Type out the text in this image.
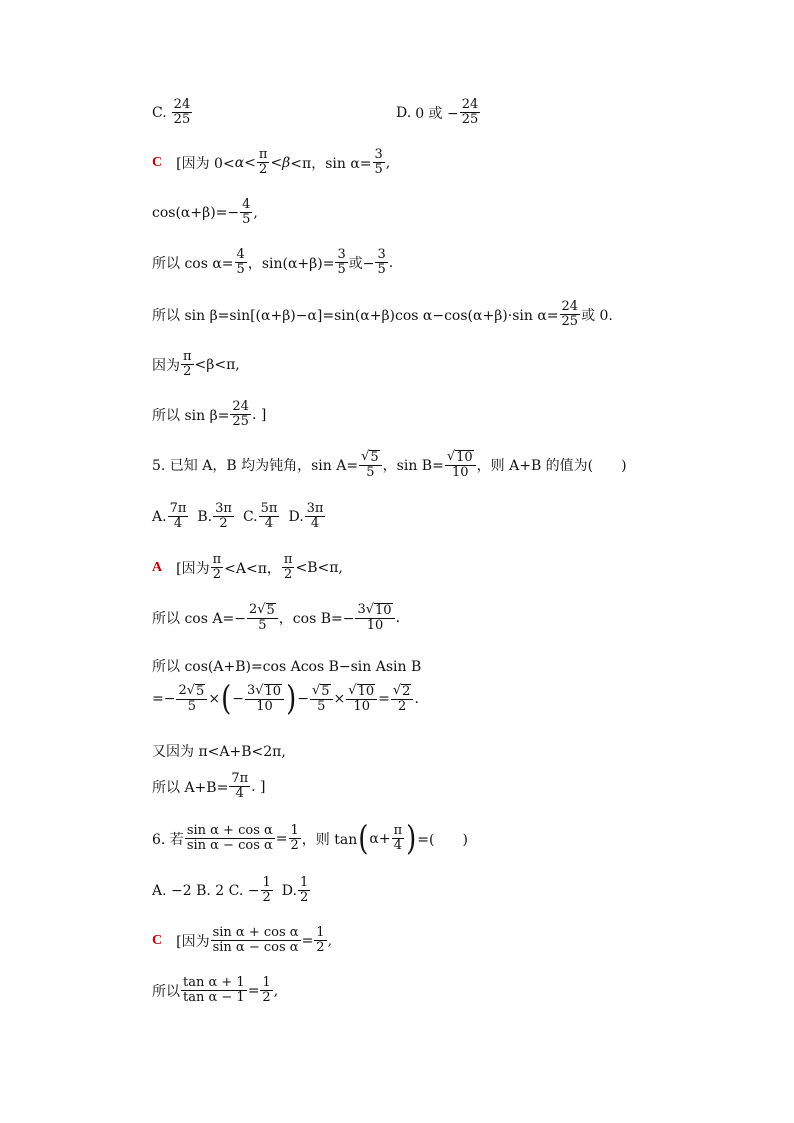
C. $\frac{24}{25}$	D. 0 或 − $\frac{24}{25}$
C [因为 $0< \alpha < \frac{\pi}{2} < \beta <\pi$，$\sin \alpha= \frac{3}{5}$ ,
$\cos(\alpha+\beta)=- \frac{4}{5}$ ,
所以 $\cos \alpha= \frac{4}{5}$ ，$\sin(\alpha+\beta)= \frac{3}{5}$ 或− $\frac{3}{5}$ .
所以 sin β=sin[(α+β)−α]=sin(α+β)cos α−cos(α+β)·sin $\alpha= \frac{24}{25}$ 或 0.
因为 $\frac{\pi}{2} <\beta<\pi$,
所以 $\sin \beta= \frac{24}{25}$ . ]
5. 已知 A，B 均为钝角，$\sin A= \frac{√ 5}{5}$ ，$\sin B= \frac{√ 10}{10}$ ，则 A+B 的值为(　　)
A. $\frac{7\pi}{4} B$. $\frac{3\pi}{2} C$. $\frac{5\pi}{4} D$. $\frac{3\pi}{4}$
A [因为 $\frac{\pi}{2} <A<\pi$， $\frac{\pi}{2} <B<\pi$,
所以 $\cos A=- \frac{2 √ 5}{5}$ ，$\cos B=- \frac{3 √ 10}{10}$ .
所以 cos(A+B)=cos Acos B−sin Asin B
=− $\frac{2 √ 5}{5}$ × ( − $\frac{3 √ 10}{10}$ ) − $\frac{√ 5}{5} \times \frac{√ 10}{10} = \frac{√ 2}{2}$ .
又因为 π<A+B<2π,
所以 $A+B= \frac{7\pi}{4}$ . ]
6. 若 $\frac{\text{sin α + cos α}}{\text{sin α − cos α}} = \frac{1}{2}$ ，则 tan ( $\alpha+ \frac{\pi}{4}$ ) =(　　)
A. −2 B. 2 C. − $\frac{1}{2} D$. $\frac{1}{2}$
C [因为 $\frac{\text{sin α + cos α}}{\text{sin α − cos α}} = \frac{1}{2}$ ,
所以 $\frac{\text{tan α + 1}}{\text{tan α − 1}} = \frac{1}{2}$ ,
